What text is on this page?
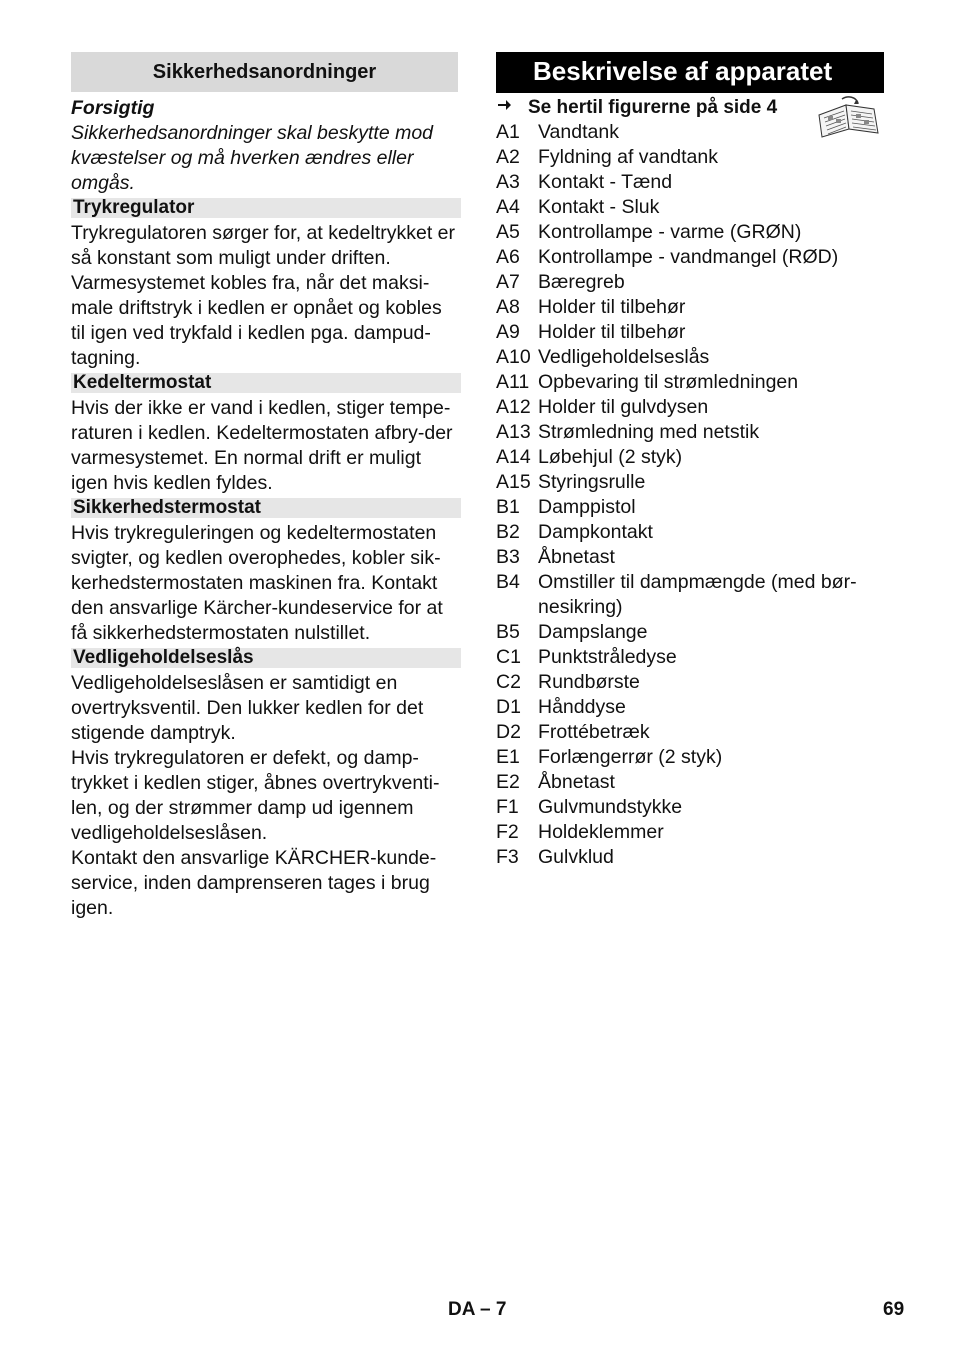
Sikkerhedsanordninger

Forsigtig

Sikkerhedsanordninger skal beskytte mod kvæstelser og må hverken ændres eller omgås.

Trykregulator

Trykregulatoren sørger for, at kedeltrykket er så konstant som muligt under driften. Varmesystemet kobles fra, når det maksi-male driftstryk i kedlen er opnået og kobles til igen ved trykfald i kedlen pga. dampud-tagning.

Kedeltermostat

Hvis der ikke er vand i kedlen, stiger tempe-raturen i kedlen. Kedeltermostaten afbry-der varmesystemet. En normal drift er muligt igen hvis kedlen fyldes.

Sikkerhedstermostat

Hvis trykreguleringen og kedeltermostaten svigter, og kedlen overophedes, kobler sik-kerhedstermostaten maskinen fra. Kontakt den ansvarlige Kärcher-kundeservice for at få sikkerhedstermostaten nulstillet.

Vedligeholdelseslås

Vedligeholdelseslåsen er samtidigt en overtryksventil. Den lukker kedlen for det stigende damptryk.

Hvis trykregulatoren er defekt, og damp-trykket i kedlen stiger, åbnes overtrykventi-len, og der strømmer damp ud igennem vedligeholdelseslåsen.

Kontakt den ansvarlige KÄRCHER-kunde-service, inden damprenseren tages i brug igen.

Beskrivelse af apparatet
Se hertil figurerne på side 4
A1 Vandtank
A2 Fyldning af vandtank
A3 Kontakt - Tænd
A4 Kontakt - Sluk
A5 Kontrollampe - varme (GRØN)
A6 Kontrollampe - vandmangel (RØD)
A7 Bæregreb
A8 Holder til tilbehør
A9 Holder til tilbehør
A10 Vedligeholdelseslås
A11 Opbevaring til strømledningen
A12 Holder til gulvdysen
A13 Strømledning med netstik
A14 Løbehjul (2 styk)
A15 Styringsrulle
B1 Damppistol
B2 Dampkontakt
B3 Åbnetast
B4 Omstiller til dampmængde (med bør-nesikring)
B5 Dampslange
C1 Punktstråledyse
C2 Rundbørste
D1 Hånddyse
D2 Frottébetræk
E1 Forlængerrør (2 styk)
E2 Åbnetast
F1 Gulvmundstykke
F2 Holdeklemmer
F3 Gulvklud
DA – 7	69
